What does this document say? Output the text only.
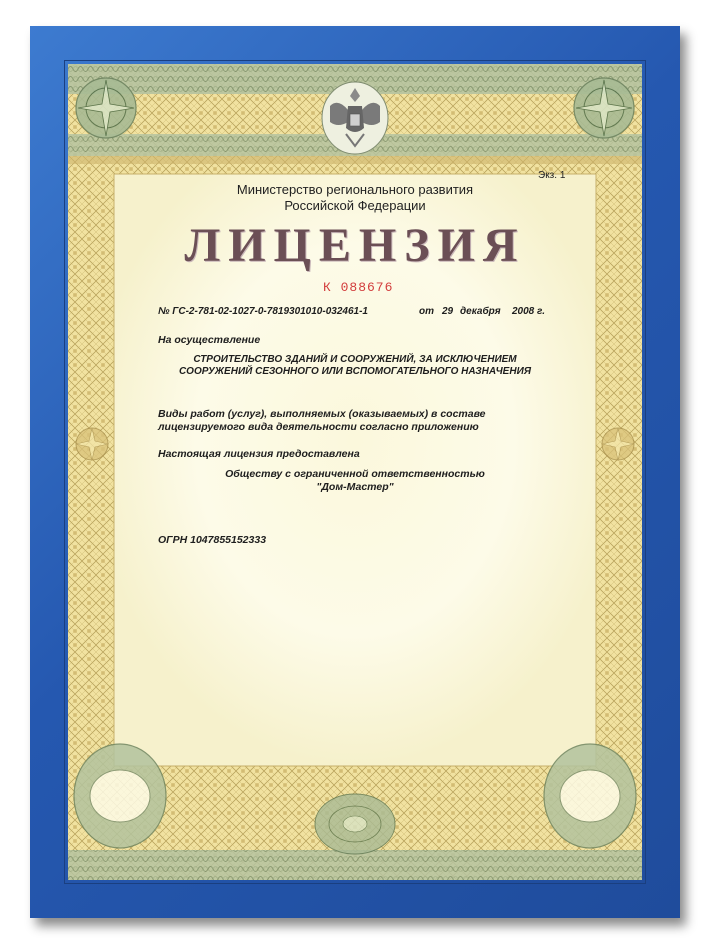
Экз. 1
Министерство регионального развития
Российской Федерации
ЛИЦЕНЗИЯ
К 088676
№ ГС-2-781-02-1027-0-7819301010-032461-1	от 29 декабря 2008 г.
На осуществление
СТРОИТЕЛЬСТВО ЗДАНИЙ И СООРУЖЕНИЙ, ЗА ИСКЛЮЧЕНИЕМ
СООРУЖЕНИЙ СЕЗОННОГО ИЛИ ВСПОМОГАТЕЛЬНОГО НАЗНАЧЕНИЯ
Виды работ (услуг), выполняемых (оказываемых) в составе
лицензируемого вида деятельности согласно приложению
Настоящая лицензия предоставлена
Обществу с ограниченной ответственностью
"Дом-Мастер"
ОГРН 1047855152333
